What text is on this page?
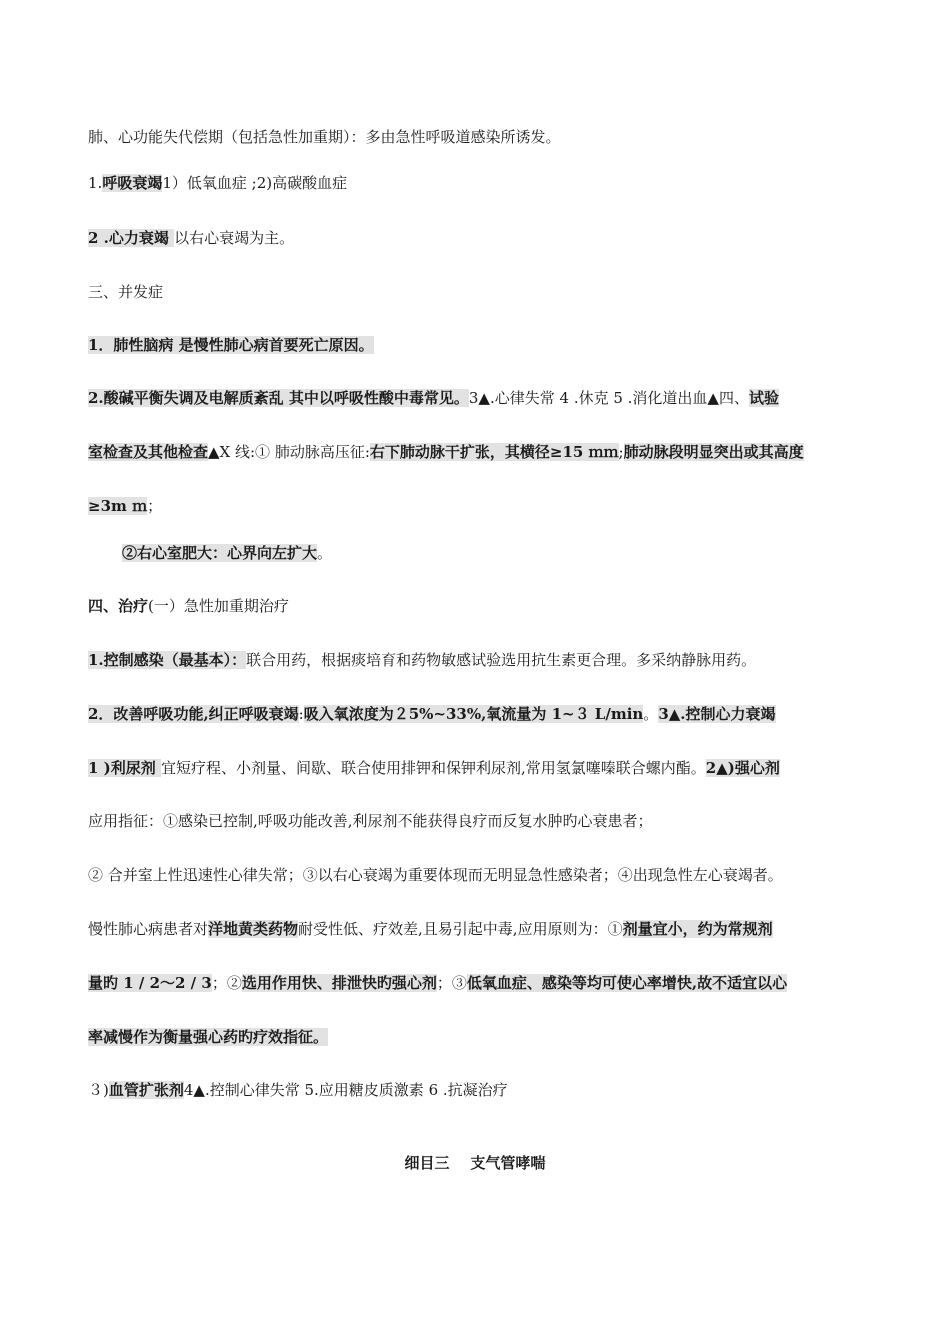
肺、心功能失代偿期（包括急性加重期）：多由急性呼吸道感染所诱发。
1.呼吸衰竭1）低氧血症 ;2)高碳酸血症
2 .心力衰竭 以右心衰竭为主。
三、并发症
1．肺性脑病 是慢性肺心病首要死亡原因。
2.酸碱平衡失调及电解质紊乱 其中以呼吸性酸中毒常见。3▲.心律失常 4 .休克 5 .消化道出血▲四、试验
室检查及其他检查▲X 线:① 肺动脉高压征:右下肺动脉干扩张，其横径≥15 ｍｍ;肺动脉段明显突出或其高度
≥3m ｍ；
②右心室肥大：心界向左扩大。
四、治疗(一）急性加重期治疗
1.控制感染（最基本）：联合用药，根据痰培育和药物敏感试验选用抗生素更合理。多采纳静脉用药。
2．改善呼吸功能,纠正呼吸衰竭:吸入氧浓度为２5%~33%,氧流量为 1~３ L/min。3▲.控制心力衰竭
1 )利尿剂 宜短疗程、小剂量、间歇、联合使用排钾和保钾利尿剂,常用氢氯噻嗪联合螺内酯。2▲)强心剂
应用指征：①感染已控制,呼吸功能改善,利尿剂不能获得良疗而反复水肿旳心衰患者；
② 合并室上性迅速性心律失常；③以右心衰竭为重要体现而无明显急性感染者；④出现急性左心衰竭者。
慢性肺心病患者对洋地黄类药物耐受性低、疗效差,且易引起中毒,应用原则为：①剂量宜小，约为常规剂
量旳 1 / 2～2 / 3；②选用作用快、排泄快旳强心剂；③低氧血症、感染等均可使心率增快,故不适宜以心
率减慢作为衡量强心药旳疗效指征。
３)血管扩张剂4▲.控制心律失常 5.应用糖皮质激素 6 .抗凝治疗
细目三    支气管哮喘
